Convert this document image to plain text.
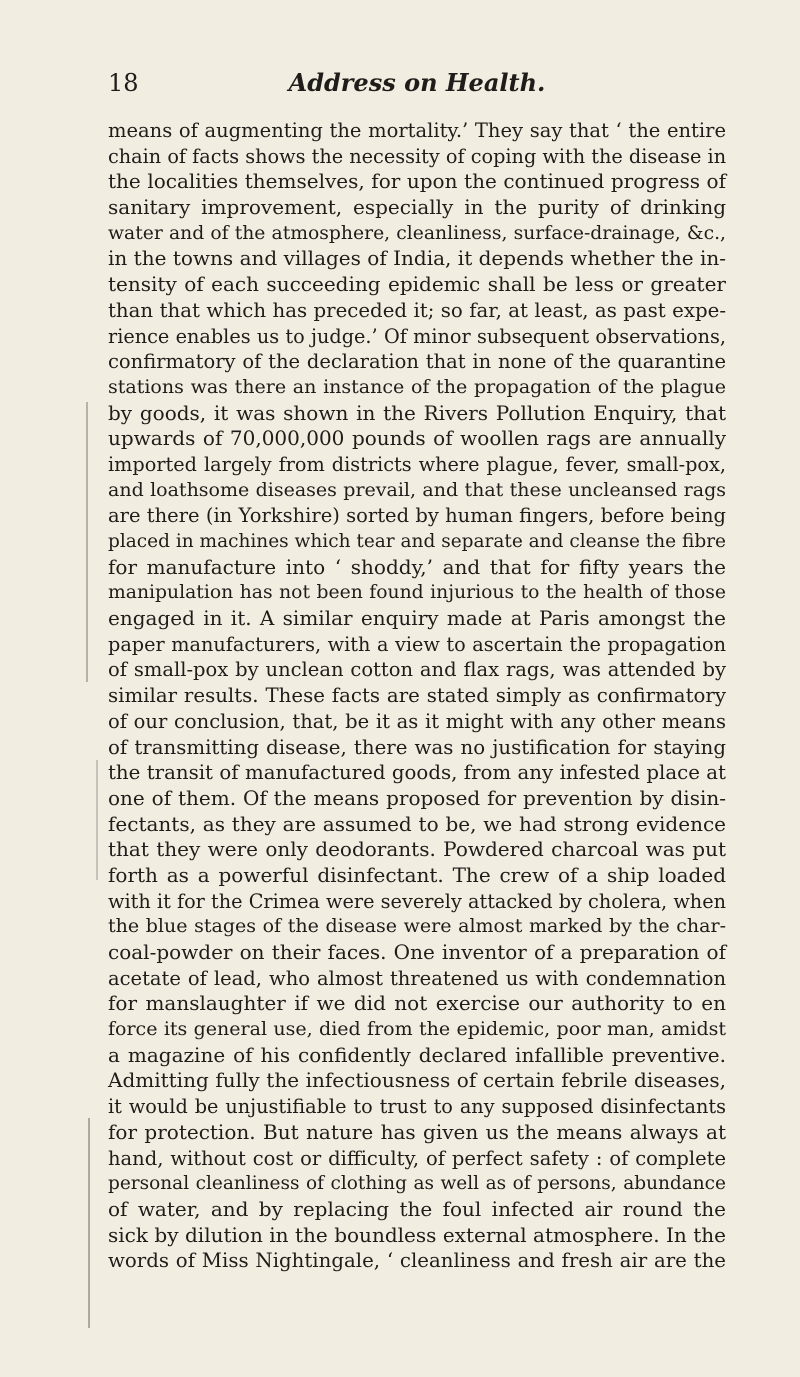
18	Address on Health.
means of augmenting the mortality.’ They say that ‘ the entire
chain of facts shows the necessity of coping with the disease in
the localities themselves, for upon the continued progress of
sanitary improvement, especially in the purity of drinking
water and of the atmosphere, cleanliness, surface-drainage, &c.,
in the towns and villages of India, it depends whether the in-
tensity of each succeeding epidemic shall be less or greater
than that which has preceded it; so far, at least, as past expe-
rience enables us to judge.’ Of minor subsequent observations,
confirmatory of the declaration that in none of the quarantine
stations was there an instance of the propagation of the plague
by goods, it was shown in the Rivers Pollution Enquiry, that
upwards of 70,000,000 pounds of woollen rags are annually
imported largely from districts where plague, fever, small-pox,
and loathsome diseases prevail, and that these uncleansed rags
are there (in Yorkshire) sorted by human fingers, before being
placed in machines which tear and separate and cleanse the fibre
for manufacture into ‘ shoddy,’ and that for fifty years the
manipulation has not been found injurious to the health of those
engaged in it. A similar enquiry made at Paris amongst the
paper manufacturers, with a view to ascertain the propagation
of small-pox by unclean cotton and flax rags, was attended by
similar results. These facts are stated simply as confirmatory
of our conclusion, that, be it as it might with any other means
of transmitting disease, there was no justification for staying
the transit of manufactured goods, from any infested place at
one of them. Of the means proposed for prevention by disin-
fectants, as they are assumed to be, we had strong evidence
that they were only deodorants. Powdered charcoal was put
forth as a powerful disinfectant. The crew of a ship loaded
with it for the Crimea were severely attacked by cholera, when
the blue stages of the disease were almost marked by the char-
coal-powder on their faces. One inventor of a preparation of
acetate of lead, who almost threatened us with condemnation
for manslaughter if we did not exercise our authority to en
force its general use, died from the epidemic, poor man, amidst
a magazine of his confidently declared infallible preventive.
Admitting fully the infectiousness of certain febrile diseases,
it would be unjustifiable to trust to any supposed disinfectants
for protection. But nature has given us the means always at
hand, without cost or difficulty, of perfect safety : of complete
personal cleanliness of clothing as well as of persons, abundance
of water, and by replacing the foul infected air round the
sick by dilution in the boundless external atmosphere. In the
words of Miss Nightingale, ‘ cleanliness and fresh air are the
